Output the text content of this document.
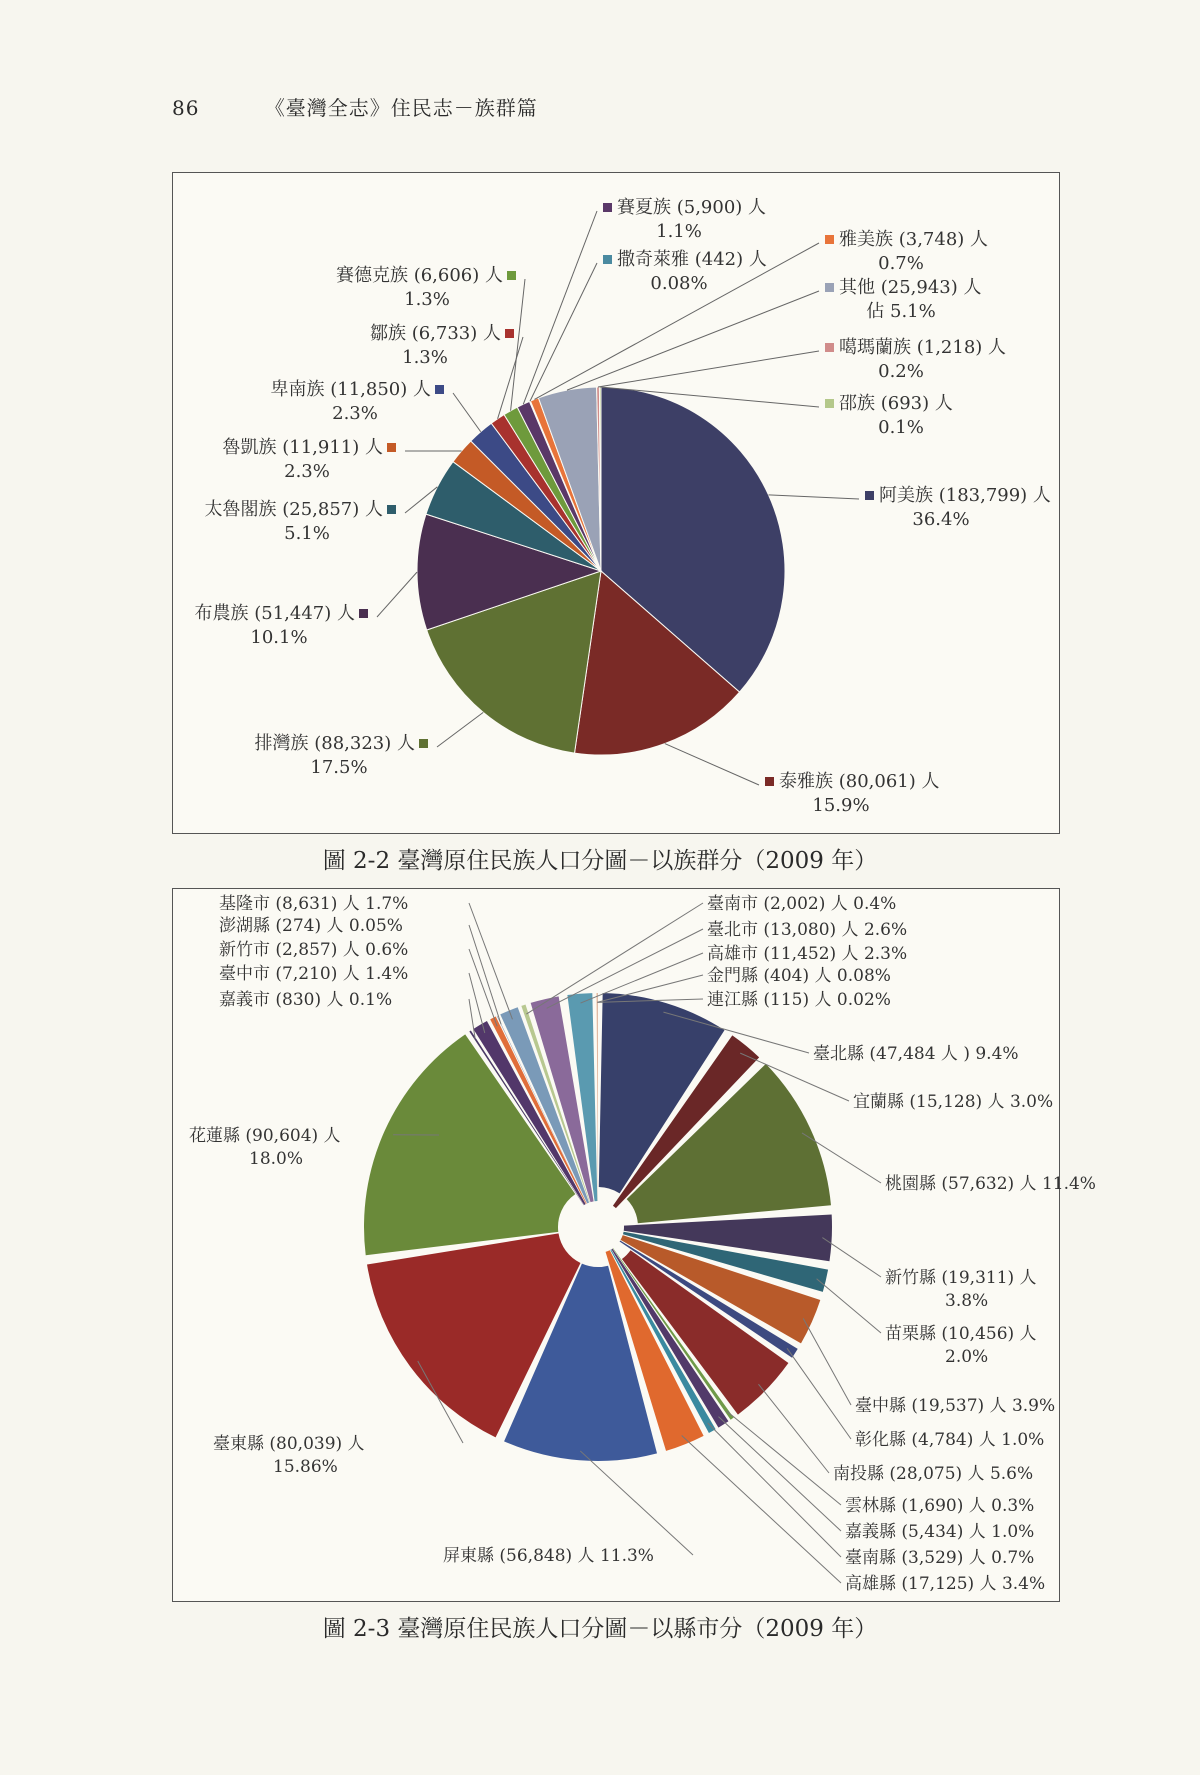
86	《臺灣全志》住民志－族群篇
阿美族 (183,799) 人
36.4%
泰雅族 (80,061) 人
15.9%
排灣族 (88,323) 人
17.5%
布農族 (51,447) 人
10.1%
太魯閣族 (25,857) 人
5.1%
魯凱族 (11,911) 人
2.3%
卑南族 (11,850) 人
2.3%
鄒族 (6,733) 人
1.3%
賽德克族 (6,606) 人
1.3%
賽夏族 (5,900) 人
1.1%
撒奇萊雅 (442) 人
0.08%
雅美族 (3,748) 人
0.7%
其他 (25,943) 人
佔 5.1%
噶瑪蘭族 (1,218) 人
0.2%
邵族 (693) 人
0.1%
圖 2-2 臺灣原住民族人口分圖－以族群分（2009 年）
臺北縣 (47,484 人 ) 9.4%
宜蘭縣 (15,128) 人 3.0%
桃園縣 (57,632) 人 11.4%
新竹縣 (19,311) 人 3.8%
苗栗縣 (10,456) 人 2.0%
臺中縣 (19,537) 人 3.9%
彰化縣 (4,784) 人 1.0%
南投縣 (28,075) 人 5.6%
雲林縣 (1,690) 人 0.3%
嘉義縣 (5,434) 人 1.0%
臺南縣 (3,529) 人 0.7%
高雄縣 (17,125) 人 3.4%
屏東縣 (56,848) 人 11.3%
臺東縣 (80,039) 人 15.86%
花蓮縣 (90,604) 人 18.0%
嘉義市 (830) 人 0.1%
臺中市 (7,210) 人 1.4%
新竹市 (2,857) 人 0.6%
澎湖縣 (274) 人 0.05%
基隆市 (8,631) 人 1.7%	臺南市 (2,002) 人 0.4%
臺北市 (13,080) 人 2.6%
高雄市 (11,452) 人 2.3%
金門縣 (404) 人 0.08%
連江縣 (115) 人 0.02%
圖 2-3 臺灣原住民族人口分圖－以縣市分（2009 年）
